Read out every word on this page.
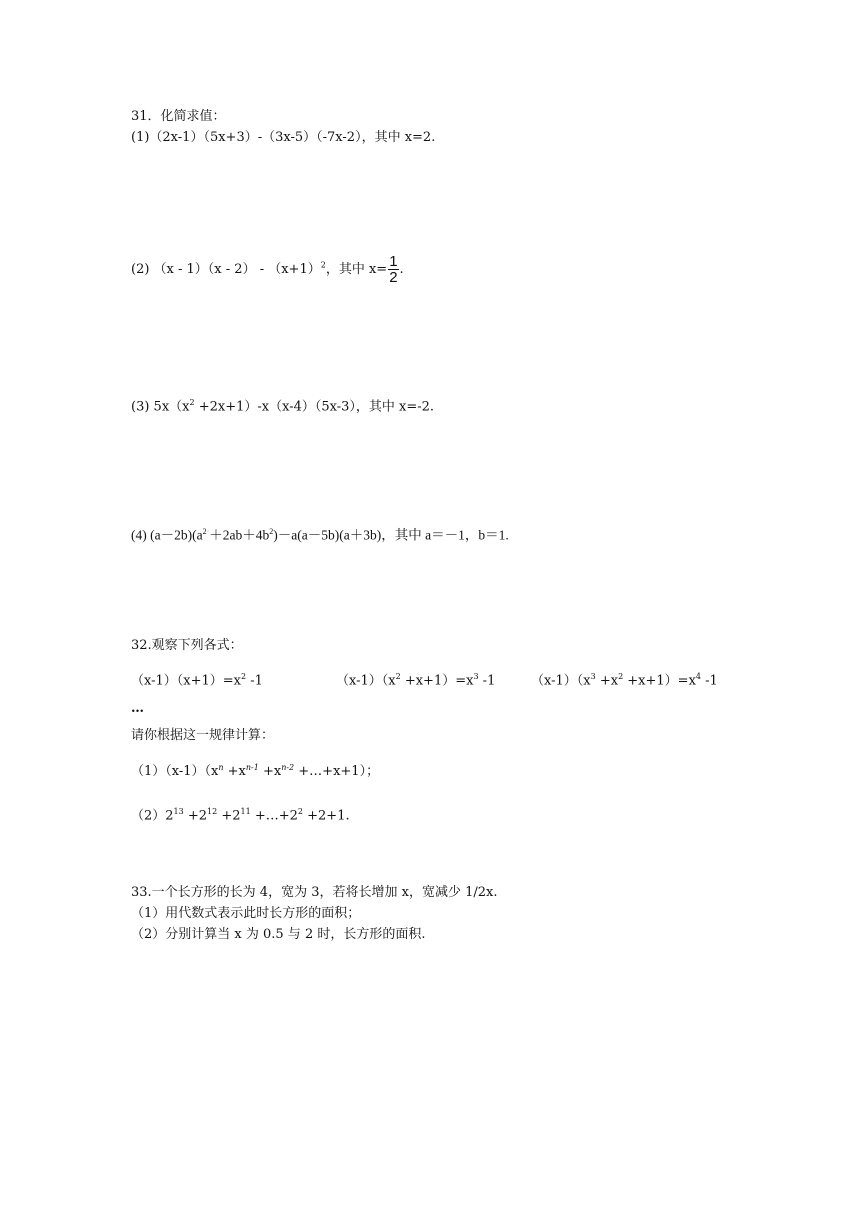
31．化简求值：
(1)（2x-1）（5x+3）-（3x-5）（-7x-2），其中 x=2.
(2) $(x - 1)(x - 2) - (x+1)^2$，其中 $x= \frac{1}{2}$ .
(3) $5x(x^2 +2x+1)-x(x-4)(5x-3)$，其中 x=-2.
(4) $(a-2b)(a^{2\cdot}+2ab+4b^2)-a(a-5b)(a+3b)$，其中 a＝－1，b＝1.
32.观察下列各式：
$(x-1)(x+1)=x^2$ -1	$(x-1)(x^2 +x+1)=x^3$ -1	$(x-1)(x^3 +x^2 +x+1)=x^4$ -1
…
请你根据这一规律计算：
$(1)(x-1)(x^n +x^{n-1} +x^{n-2}$ +…+x+1）；
$(2)2^{13} +2^{12} +2^{11}$ $+\dots+2^2 +2+1$.
33.一个长方形的长为 4，宽为 3，若将长增加 x，宽减少 1/2x.
（1）用代数式表示此时长方形的面积；
（2）分别计算当 x 为 0.5 与 2 时，长方形的面积.
